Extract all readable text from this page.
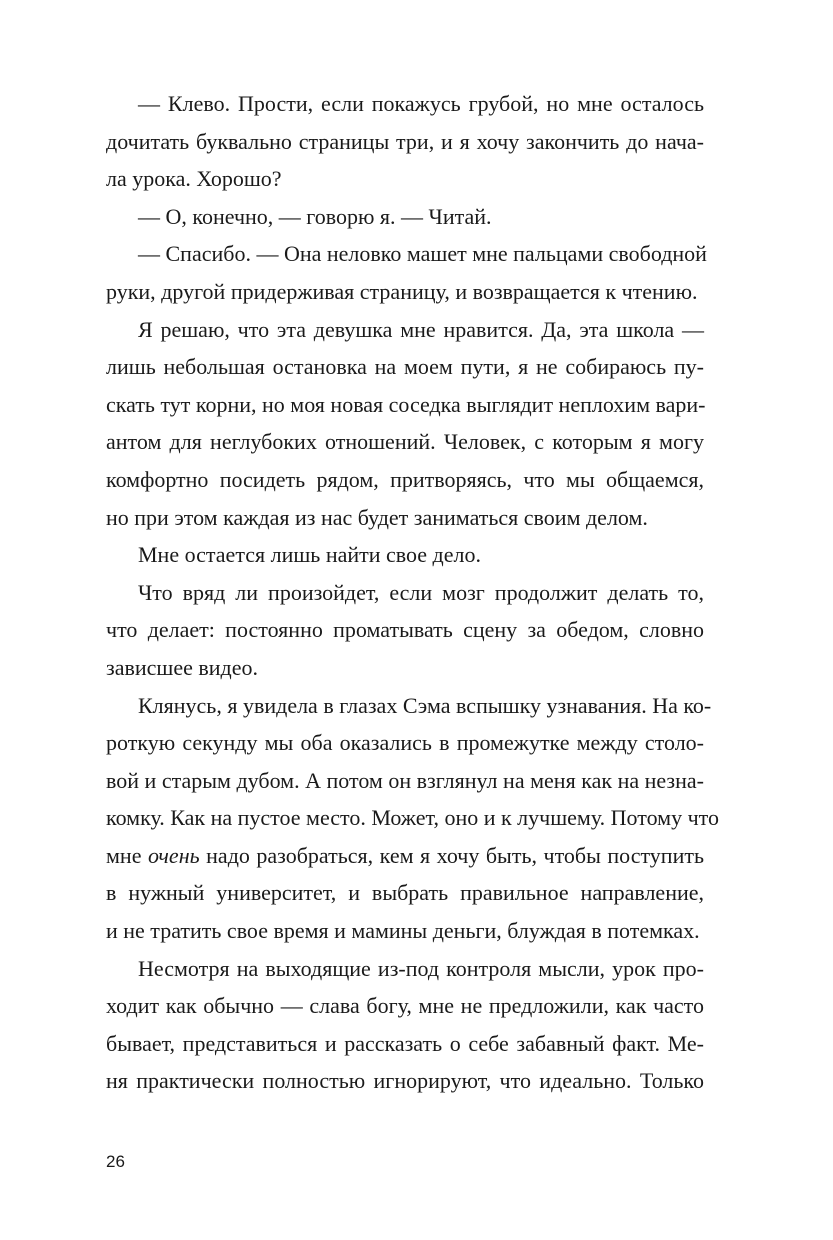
— Клево. Прости, если покажусь грубой, но мне осталось
дочитать буквально страницы три, и я хочу закончить до нача-
ла урока. Хорошо?

— О, конечно, — говорю я. — Читай.

— Спасибо. — Она неловко машет мне пальцами свободной
руки, другой придерживая страницу, и возвращается к чтению.

Я решаю, что эта девушка мне нравится. Да, эта школа —
лишь небольшая остановка на моем пути, я не собираюсь пу-
скать тут корни, но моя новая соседка выглядит неплохим вари-
антом для неглубоких отношений. Человек, с которым я могу
комфортно посидеть рядом, притворяясь, что мы общаемся,
но при этом каждая из нас будет заниматься своим делом.

Мне остается лишь найти свое дело.

Что вряд ли произойдет, если мозг продолжит делать то,
что делает: постоянно проматывать сцену за обедом, словно
зависшее видео.

Клянусь, я увидела в глазах Сэма вспышку узнавания. На ко-
роткую секунду мы оба оказались в промежутке между столо-
вой и старым дубом. А потом он взглянул на меня как на незна-
комку. Как на пустое место. Может, оно и к лучшему. Потому что
мне очень надо разобраться, кем я хочу быть, чтобы поступить
в нужный университет, и выбрать правильное направление,
и не тратить свое время и мамины деньги, блуждая в потемках.

Несмотря на выходящие из-под контроля мысли, урок про-
ходит как обычно — слава богу, мне не предложили, как часто
бывает, представиться и рассказать о себе забавный факт. Ме-
ня практически полностью игнорируют, что идеально. Только

26
